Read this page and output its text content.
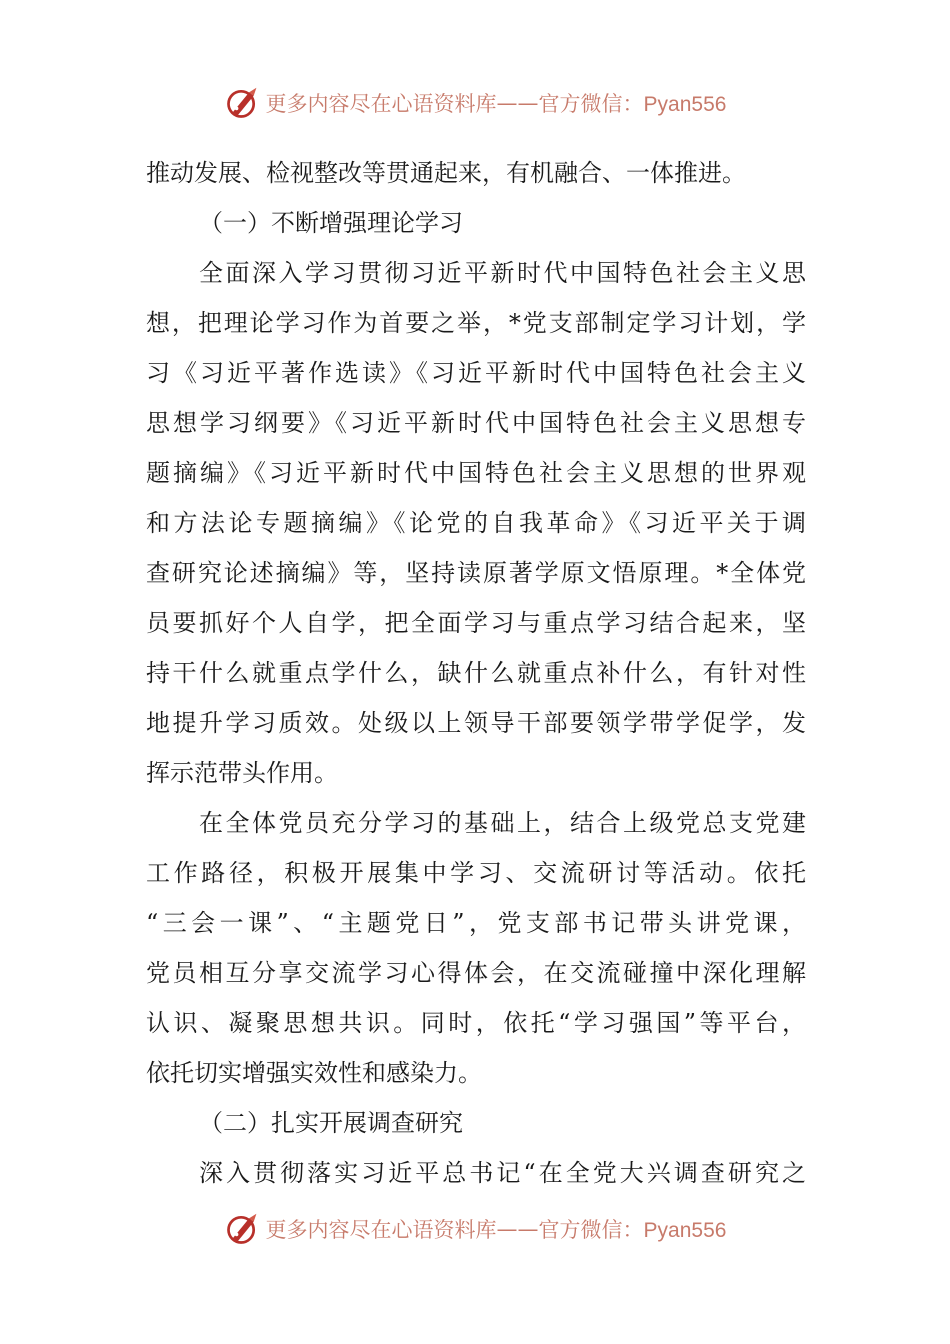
更多内容尽在心语资料库 —— 官方微信：Pyan556
推动发展、检视整改等贯通起来，有机融合、一体推进。
（一）不断增强理论学习
全面深入学习贯彻习近平新时代中国特色社会主义思
想，把理论学习作为首要之举，*党支部制定学习计划，学
习《习近平著作选读》《习近平新时代中国特色社会主义
思想学习纲要》《习近平新时代中国特色社会主义思想专
题摘编》《习近平新时代中国特色社会主义思想的世界观
和方法论专题摘编》《论党的自我革命》《习近平关于调
查研究论述摘编》等，坚持读原著学原文悟原理。*全体党
员要抓好个人自学，把全面学习与重点学习结合起来，坚
持干什么就重点学什么，缺什么就重点补什么，有针对性
地提升学习质效。处级以上领导干部要领学带学促学，发
挥示范带头作用。
在全体党员充分学习的基础上，结合上级党总支党建
工作路径，积极开展集中学习、交流研讨等活动。依托
“三会一课”、“主题党日”，党支部书记带头讲党课，
党员相互分享交流学习心得体会，在交流碰撞中深化理解
认识、凝聚思想共识。同时，依托“学习强国”等平台，
依托切实增强实效性和感染力。
（二）扎实开展调查研究
深入贯彻落实习近平总书记“在全党大兴调查研究之
更多内容尽在心语资料库 —— 官方微信：Pyan556
